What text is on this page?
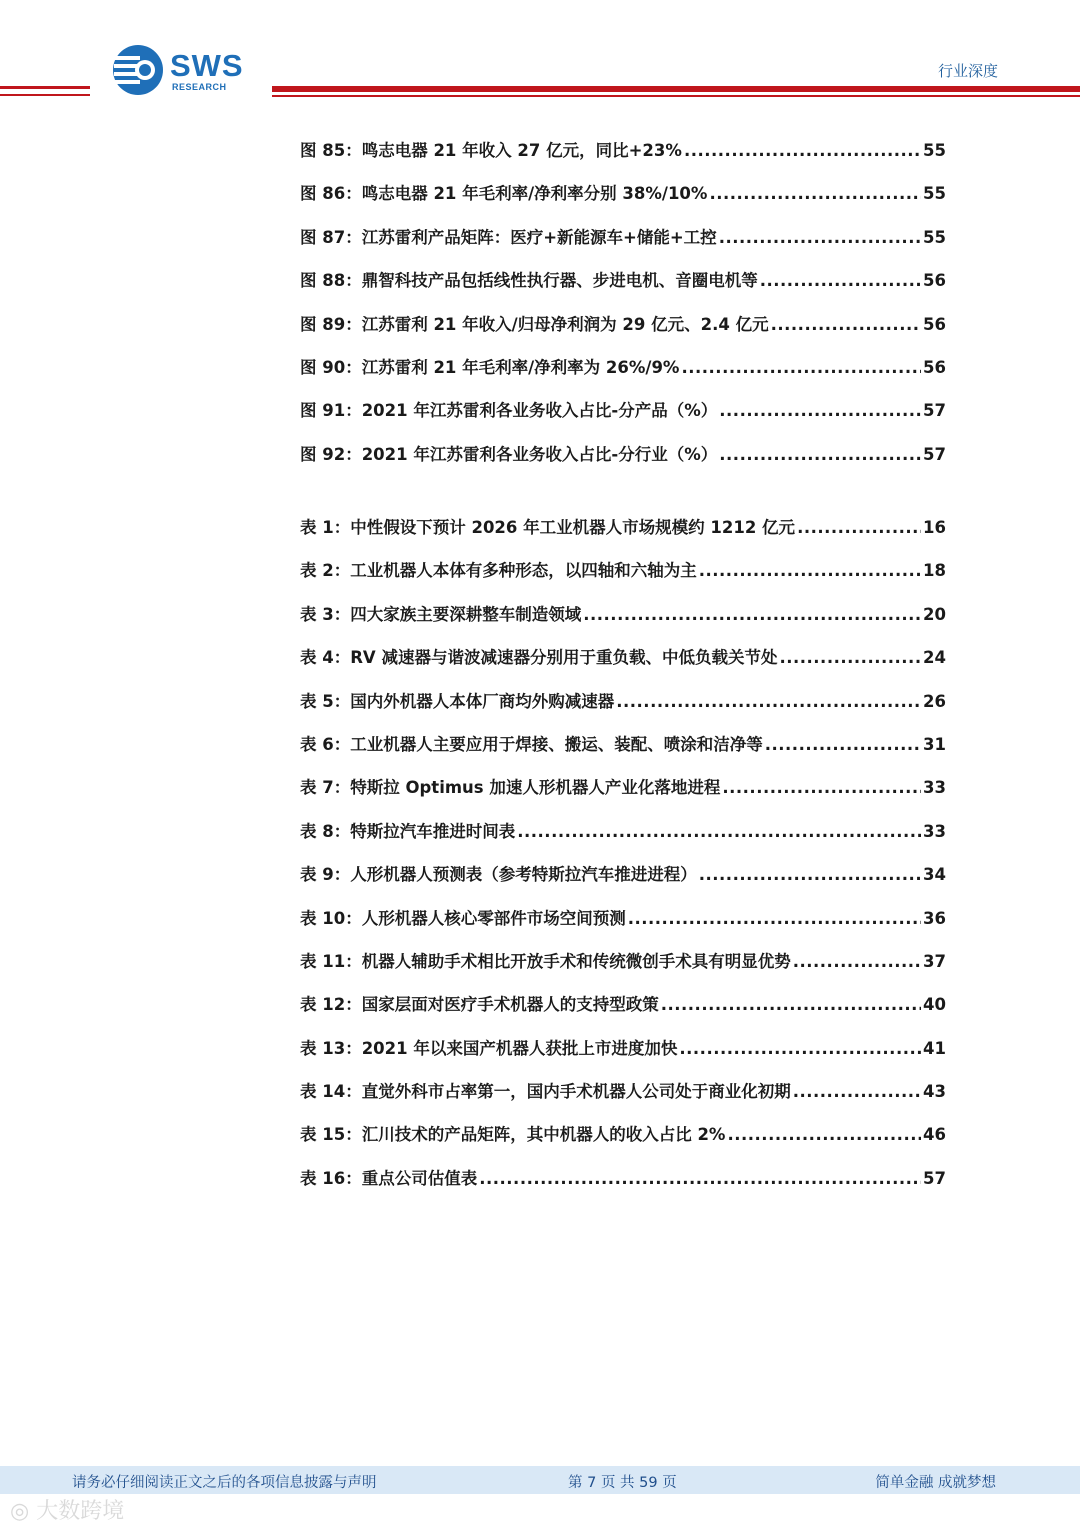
SWS
RESEARCH
行业深度
图 85：鸣志电器 21 年收入 27 亿元，同比+23% .....	55
图 86：鸣志电器 21 年毛利率/净利率分别 38%/10% .....	55
图 87：江苏雷利产品矩阵：医疗+新能源车+储能+工控 .....	55
图 88：鼎智科技产品包括线性执行器、步进电机、音圈电机等 .....	56
图 89：江苏雷利 21 年收入/归母净利润为 29 亿元、2.4 亿元 .....	56
图 90：江苏雷利 21 年毛利率/净利率为 26%/9% .....	56
图 91：2021 年江苏雷利各业务收入占比-分产品（%） .....	57
图 92：2021 年江苏雷利各业务收入占比-分行业（%） .....	57
表 1：中性假设下预计 2026 年工业机器人市场规模约 1212 亿元 .....	16
表 2：工业机器人本体有多种形态，以四轴和六轴为主 .....	18
表 3：四大家族主要深耕整车制造领域 .....	20
表 4：RV 减速器与谐波减速器分别用于重负载、中低负载关节处 .....	24
表 5：国内外机器人本体厂商均外购减速器 .....	26
表 6：工业机器人主要应用于焊接、搬运、装配、喷涂和洁净等 .....	31
表 7：特斯拉 Optimus 加速人形机器人产业化落地进程 .....	33
表 8：特斯拉汽车推进时间表 .....	33
表 9：人形机器人预测表（参考特斯拉汽车推进进程） .....	34
表 10：人形机器人核心零部件市场空间预测 .....	36
表 11：机器人辅助手术相比开放手术和传统微创手术具有明显优势 .....	37
表 12：国家层面对医疗手术机器人的支持型政策 .....	40
表 13：2021 年以来国产机器人获批上市进度加快 .....	41
表 14：直觉外科市占率第一，国内手术机器人公司处于商业化初期 .....	43
表 15：汇川技术的产品矩阵，其中机器人的收入占比 2% .....	46
表 16：重点公司估值表 .....	57
请务必仔细阅读正文之后的各项信息披露与声明	第 7 页 共 59 页	简单金融 成就梦想
◎ 大数跨境
